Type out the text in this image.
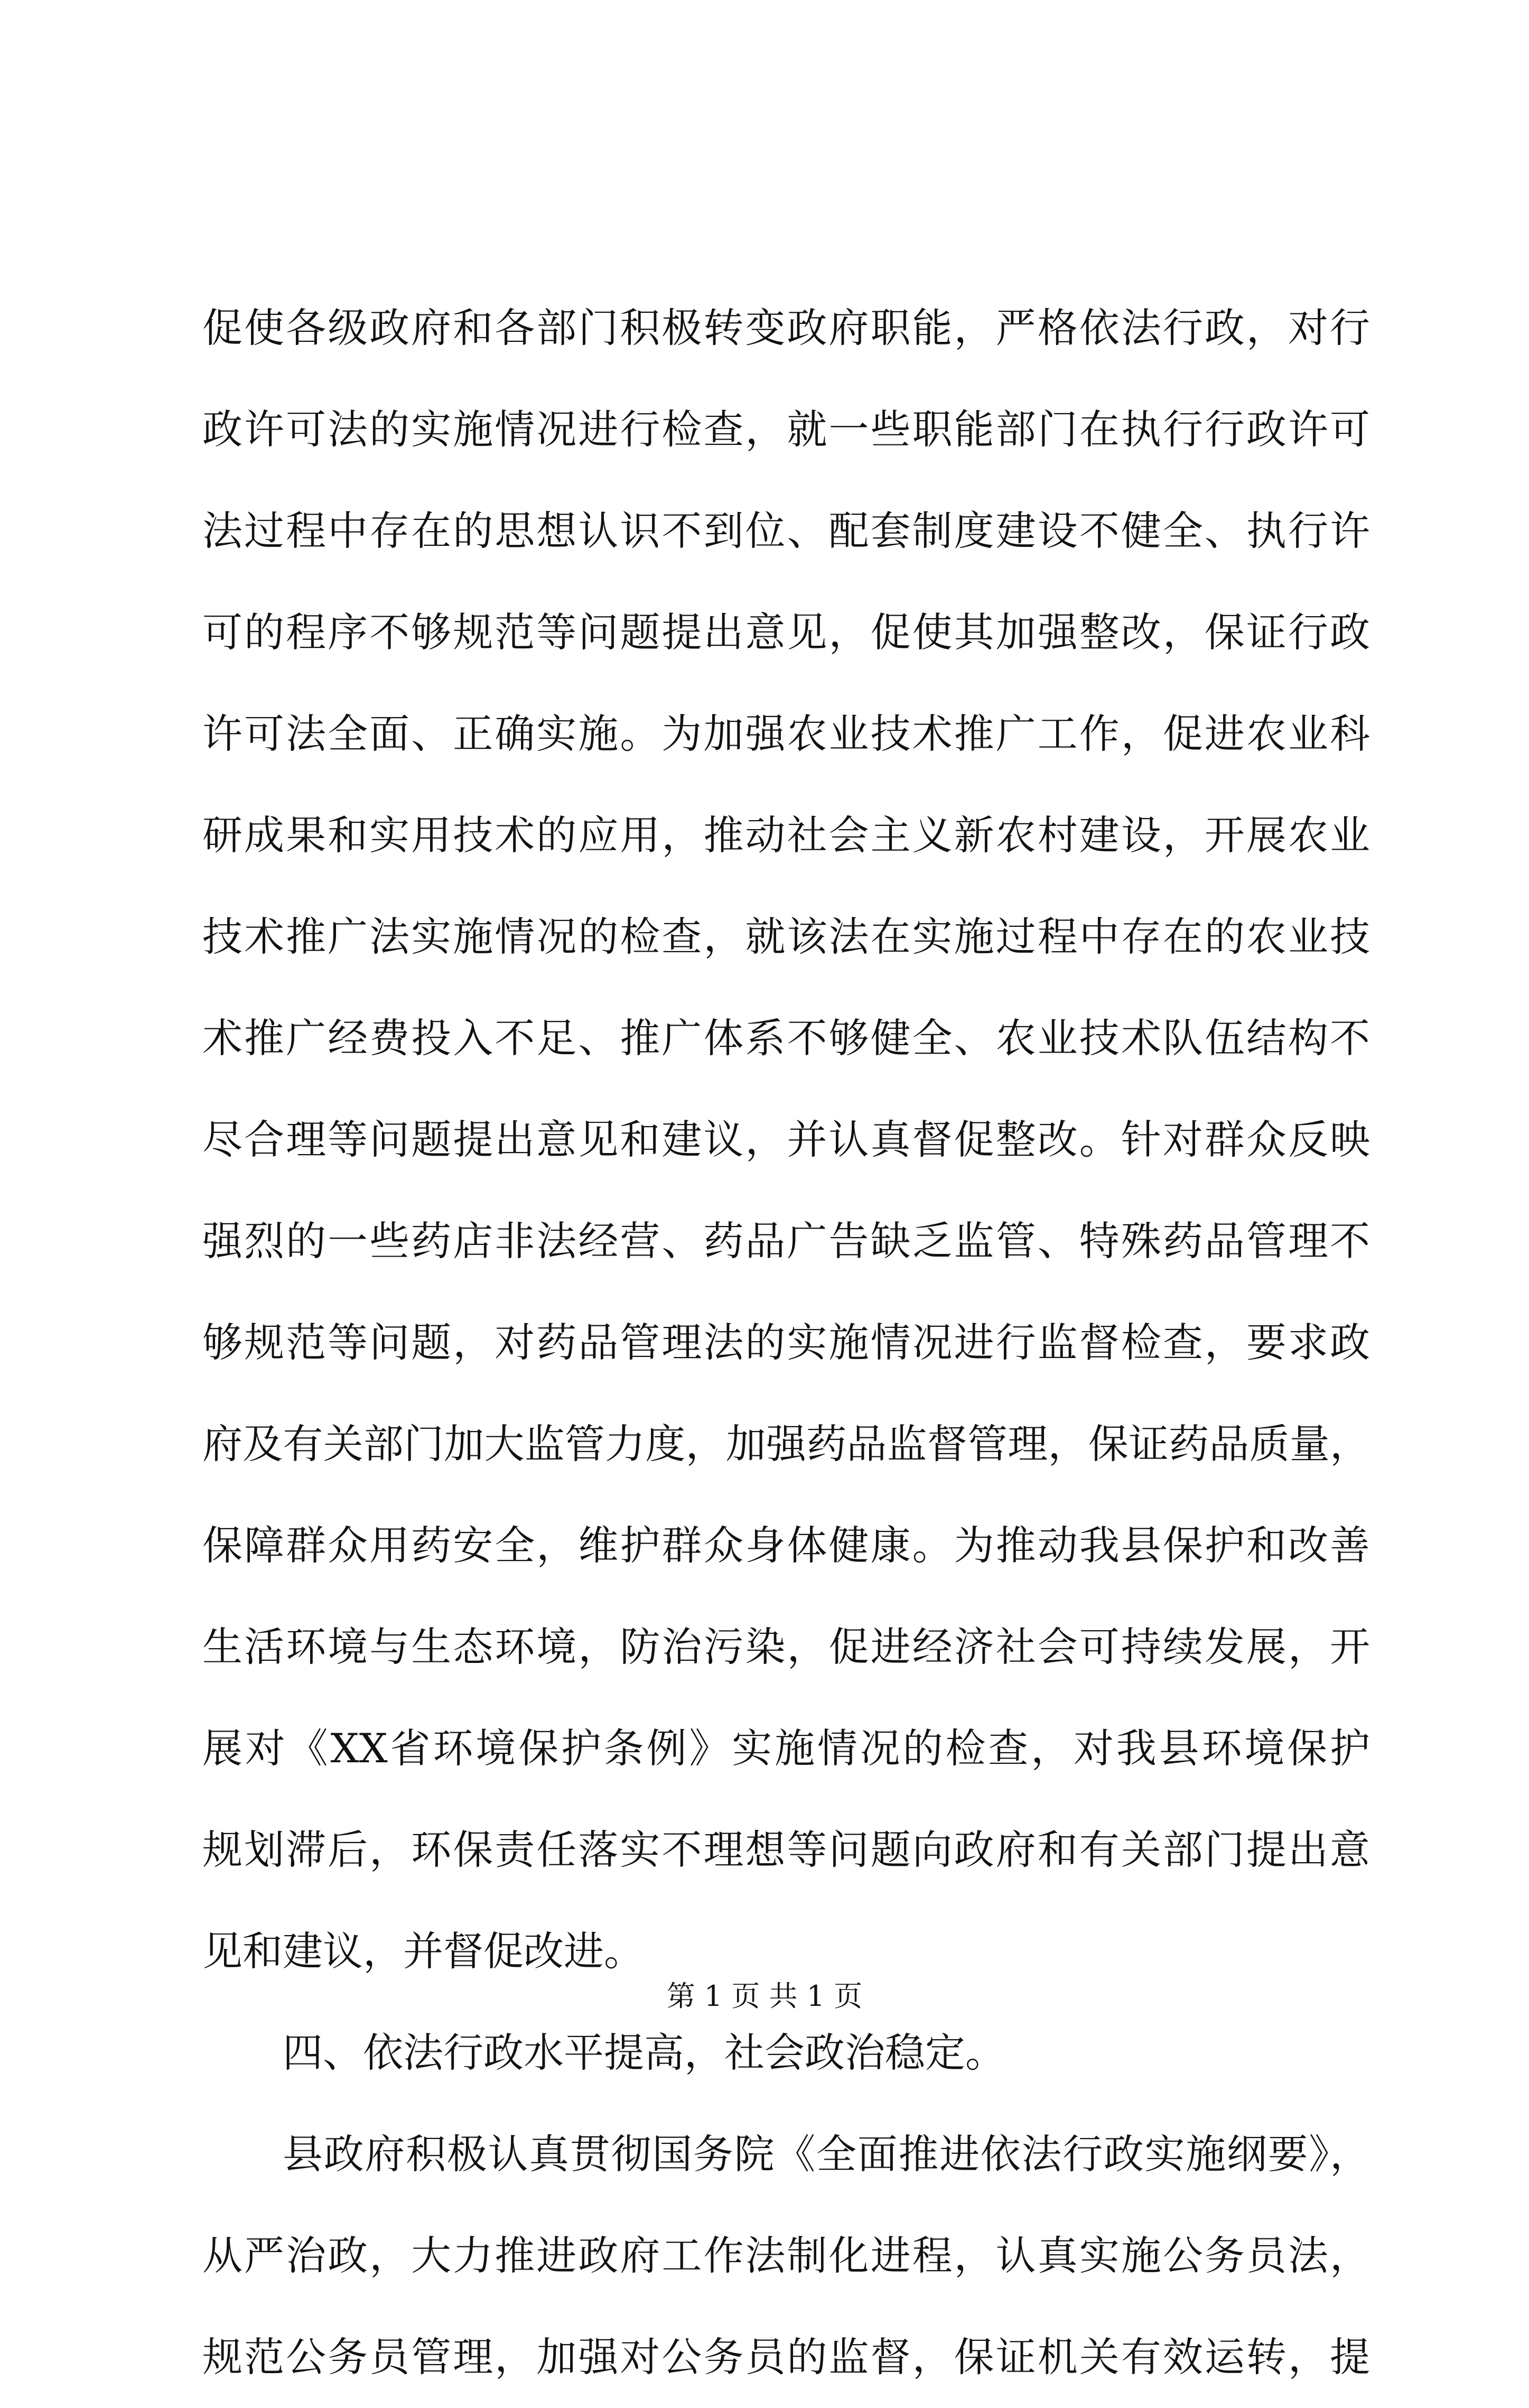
促使各级政府和各部门积极转变政府职能，严格依法行政，对行
政许可法的实施情况进行检查，就一些职能部门在执行行政许可
法过程中存在的思想认识不到位、配套制度建设不健全、执行许
可的程序不够规范等问题提出意见，促使其加强整改，保证行政
许可法全面、正确实施。为加强农业技术推广工作，促进农业科
研成果和实用技术的应用，推动社会主义新农村建设，开展农业
技术推广法实施情况的检查，就该法在实施过程中存在的农业技
术推广经费投入不足、推广体系不够健全、农业技术队伍结构不
尽合理等问题提出意见和建议，并认真督促整改。针对群众反映
强烈的一些药店非法经营、药品广告缺乏监管、特殊药品管理不
够规范等问题，对药品管理法的实施情况进行监督检查，要求政
府及有关部门加大监管力度，加强药品监督管理，保证药品质量，
保障群众用药安全，维护群众身体健康。为推动我县保护和改善
生活环境与生态环境，防治污染，促进经济社会可持续发展，开
展对《XX省环境保护条例》实施情况的检查，对我县环境保护
规划滞后，环保责任落实不理想等问题向政府和有关部门提出意
见和建议，并督促改进。
四、依法行政水平提高，社会政治稳定。
县政府积极认真贯彻国务院《全面推进依法行政实施纲要》，
从严治政，大力推进政府工作法制化进程，认真实施公务员法，
规范公务员管理，加强对公务员的监督，保证机关有效运转，提
第 1 页 共 1 页
